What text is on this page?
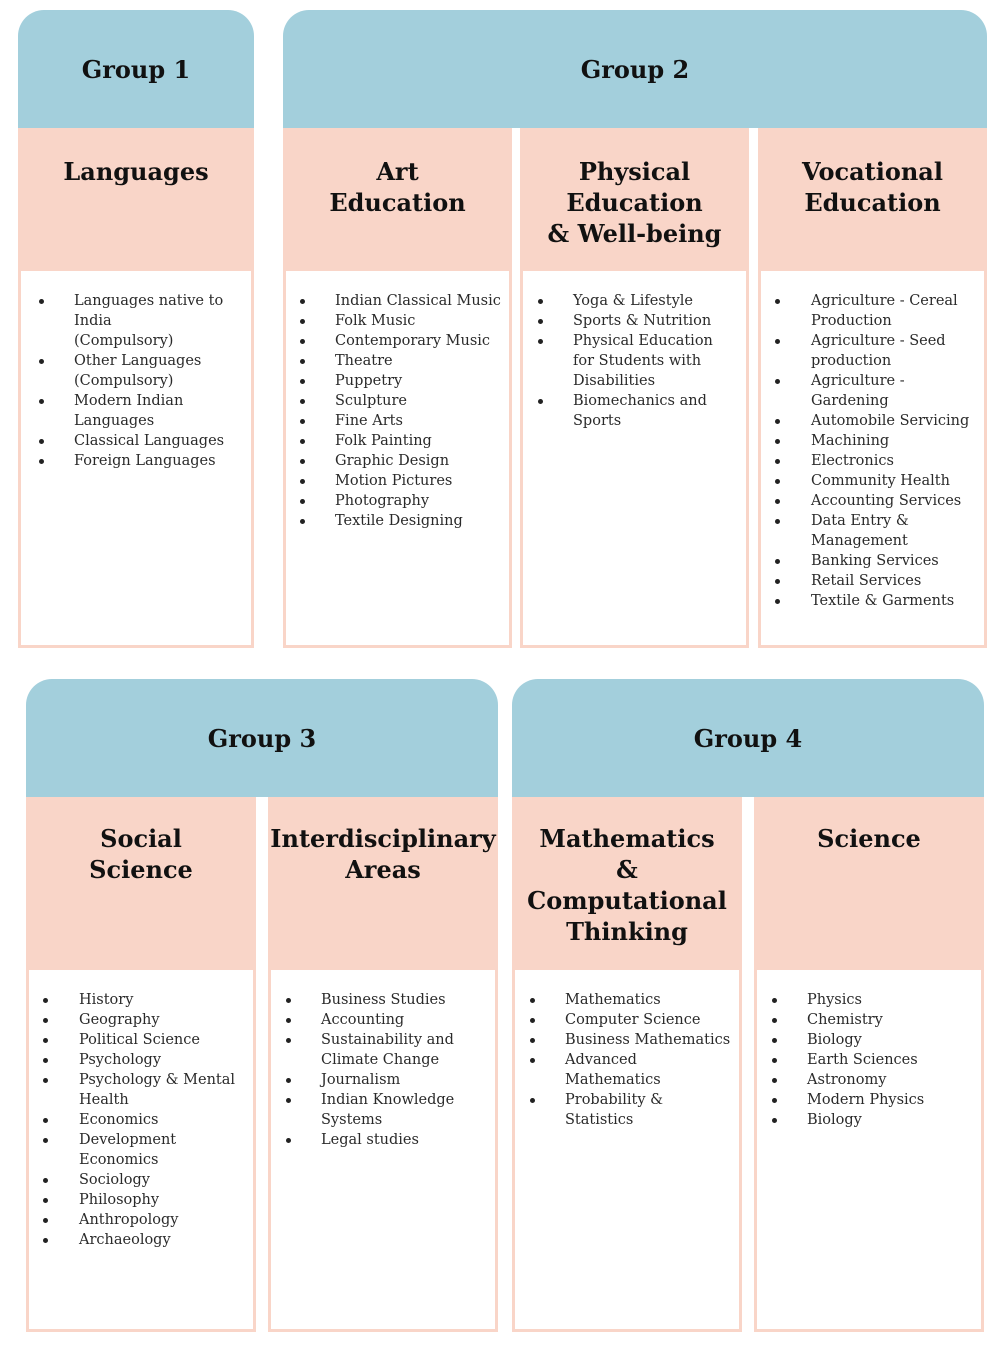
Group 1	Group 2
Group 3	Group 4
Languages
Languages native to India
(Compulsory)
Other Languages
(Compulsory)
Modern Indian Languages
Classical Languages
Foreign Languages
Art
Education
Indian Classical Music
Folk Music
Contemporary Music
Theatre
Puppetry
Sculpture
Fine Arts
Folk Painting
Graphic Design
Motion Pictures
Photography
Textile Designing
Physical
Education
& Well-being
Yoga & Lifestyle
Sports & Nutrition
Physical Education for Students with Disabilities
Biomechanics and Sports
Vocational
Education
Agriculture - Cereal Production
Agriculture - Seed production
Agriculture - Gardening
Automobile Servicing
Machining
Electronics
Community Health
Accounting Services
Data Entry & Management
Banking Services
Retail Services
Textile & Garments
Social
Science
History
Geography
Political Science
Psychology
Psychology & Mental Health
Economics
Development Economics
Sociology
Philosophy
Anthropology
Archaeology
Interdisciplinary
Areas
Business Studies
Accounting
Sustainability and Climate Change
Journalism
Indian Knowledge Systems
Legal studies
Mathematics
&
Computational
Thinking
Mathematics
Computer Science
Business Mathematics
Advanced Mathematics
Probability & Statistics
Science
Physics
Chemistry
Biology
Earth Sciences
Astronomy
Modern Physics
Biology
